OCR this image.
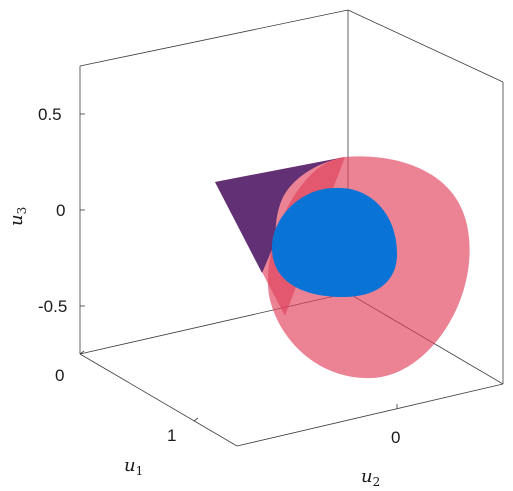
0.5
0
-0.5
0
1	0
$u_1$	$u_2$
$u_3$
